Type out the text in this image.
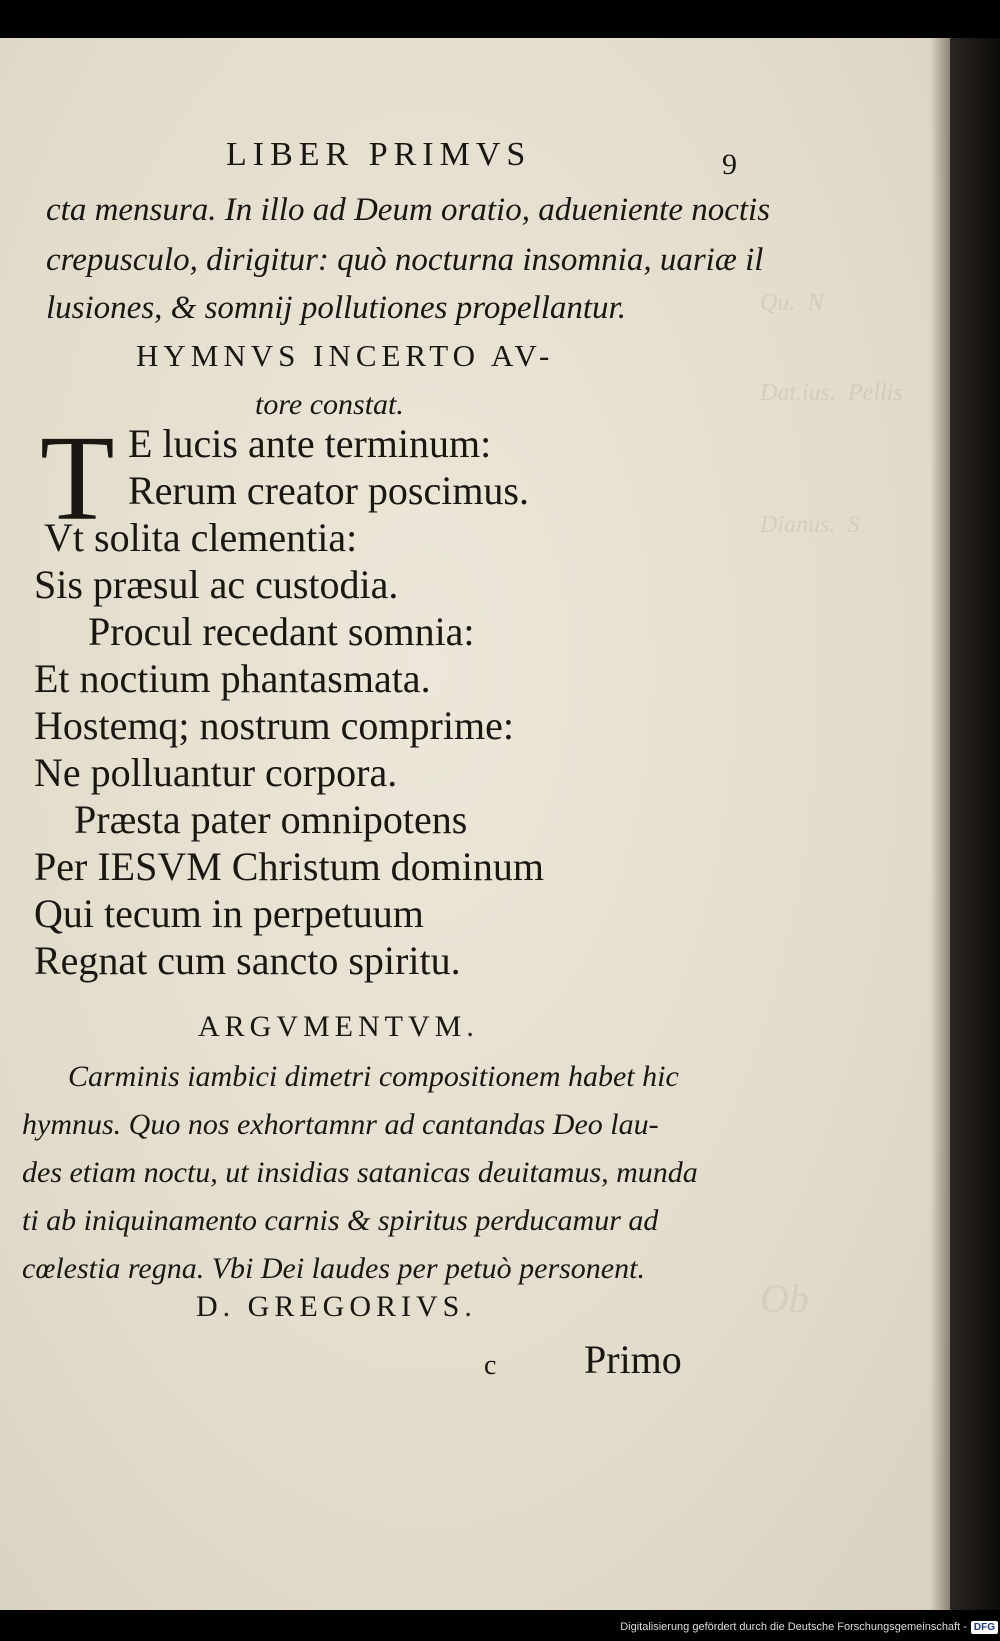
Qu.  N
Dat.ius.  Pellis
Dianus.  S
Ob
LIBER PRIMVS	9
cta mensura. In illo ad Deum oratio, adueniente noctis
crepusculo, dirigitur: quò nocturna insomnia, uariæ il
lusiones, & somnij pollutiones propellantur.
HYMNVS INCERTO AV-
tore constat.
T E lucis ante terminum:
Rerum creator poscimus.
Vt solita clementia:
Sis præsul ac custodia.
Procul recedant somnia:
Et noctium phantasmata.
Hostemq; nostrum comprime:
Ne polluantur corpora.
Præsta pater omnipotens
Per IESVM Christum dominum
Qui tecum in perpetuum
Regnat cum sancto spiritu.
ARGVMENTVM.
Carminis iambici dimetri compositionem habet hic
hymnus. Quo nos exhortamnr ad cantandas Deo lau-
des etiam noctu, ut insidias satanicas deuitamus, munda
ti ab iniquinamento carnis & spiritus perducamur ad
cœlestia regna. Vbi Dei laudes per petuò personent.
D. GREGORIVS.
c Primo
Digitalisierung gefördert durch die Deutsche Forschungsgemeinschaft - DFG
